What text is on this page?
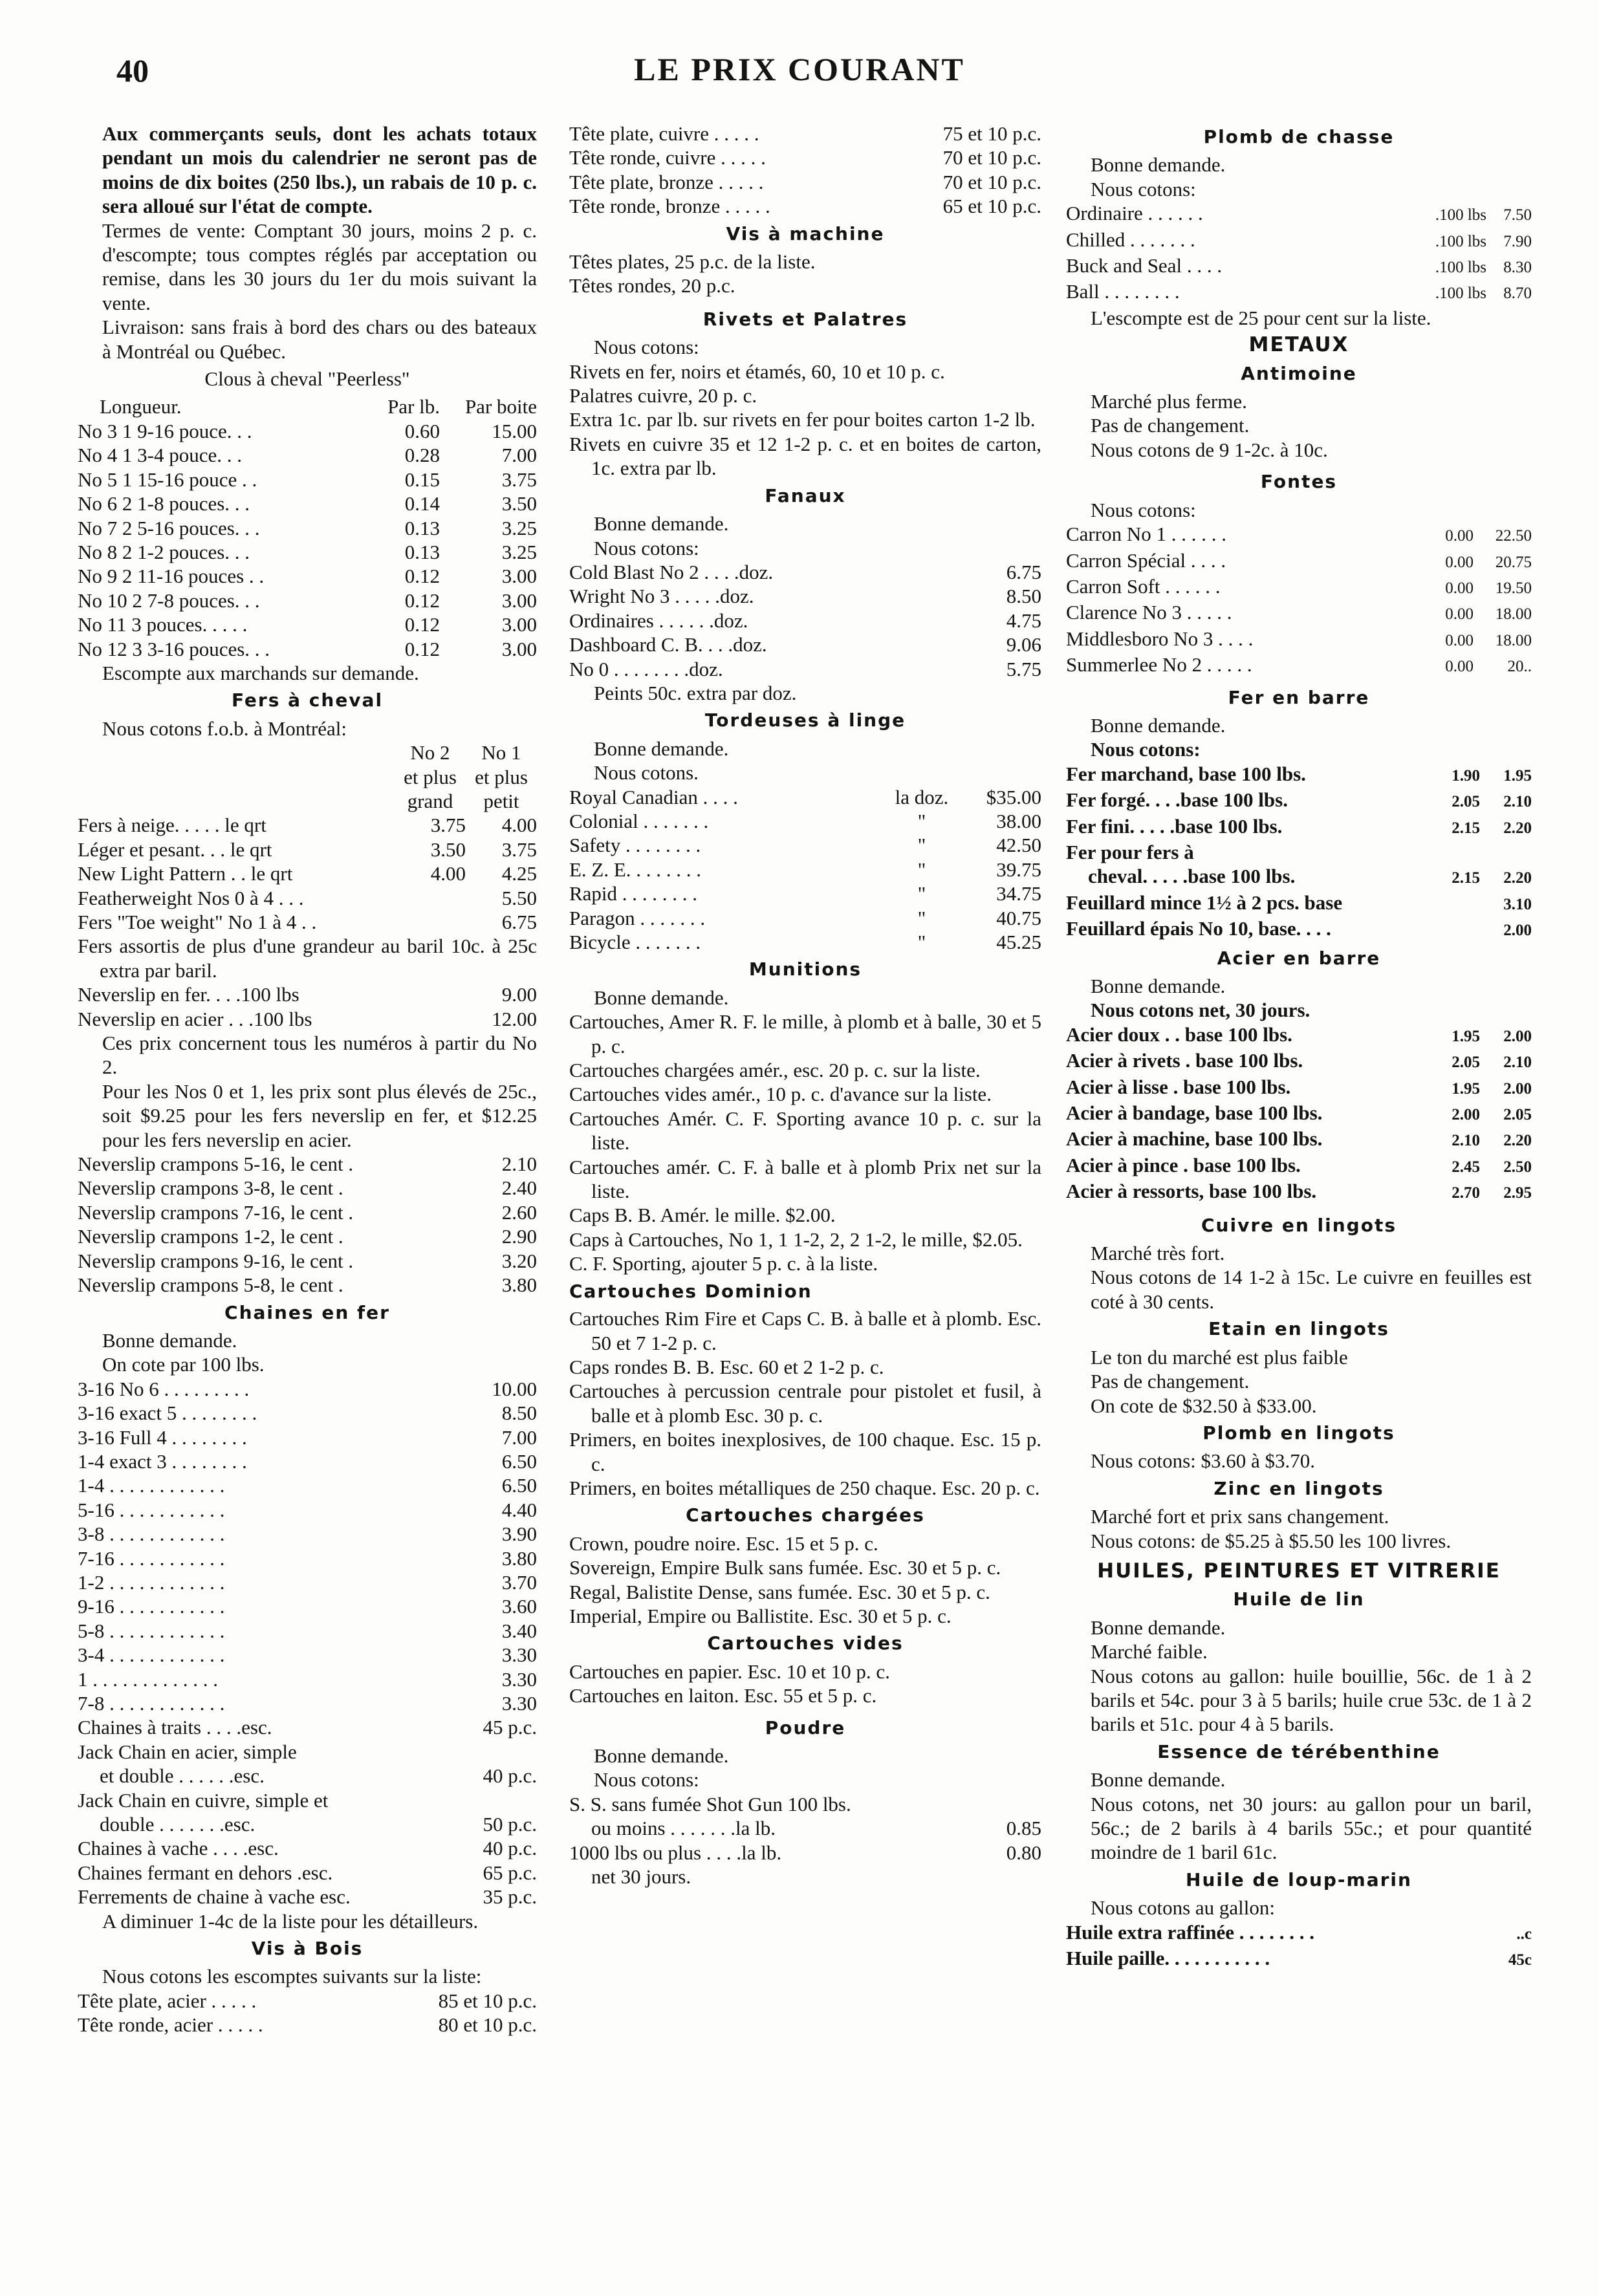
40	LE PRIX COURANT

Aux commerçants seuls, dont les achats totaux pendant un mois du calendrier ne seront pas de moins de dix boites (250 lbs.), un rabais de 10 p. c. sera alloué sur l'état de compte.

Termes de vente: Comptant 30 jours, moins 2 p. c. d'escompte; tous comptes réglés par acceptation ou remise, dans les 30 jours du 1er du mois suivant la vente.

Livraison: sans frais à bord des chars ou des bateaux à Montréal ou Québec.

Clous à cheval "Peerless"
Longueur.	Par lb.	Par boite
No 3 1 9-16 pouce. . .	0.60	15.00
No 4 1 3-4 pouce. . .	0.28	7.00
No 5 1 15-16 pouce . .	0.15	3.75
No 6 2 1-8 pouces. . .	0.14	3.50
No 7 2 5-16 pouces. . .	0.13	3.25
No 8 2 1-2 pouces. . .	0.13	3.25
No 9 2 11-16 pouces . .	0.12	3.00
No 10 2 7-8 pouces. . .	0.12	3.00
No 11 3 pouces. . . . .	0.12	3.00
No 12 3 3-16 pouces. . .	0.12	3.00

Escompte aux marchands sur demande.

Fers à cheval

Nous cotons f.o.b. à Montréal:

No 2	No 1
et plus et plus
grand	petit
Fers à neige. . . . . le qrt	3.75	4.00
Léger et pesant. . . le qrt	3.50	3.75
New Light Pattern . . le qrt	4.00	4.25
Featherweight Nos 0 à 4 . . .	5.50
Fers "Toe weight" No 1 à 4 . .	6.75

Fers assortis de plus d'une grandeur au baril 10c. à 25c extra par baril.

Neverslip en fer. . . .100 lbs	9.00
Neverslip en acier . . .100 lbs	12.00

Ces prix concernent tous les numéros à partir du No 2.

Pour les Nos 0 et 1, les prix sont plus élevés de 25c., soit $9.25 pour les fers neverslip en fer, et $12.25 pour les fers neverslip en acier.

Neverslip crampons 5-16, le cent .	2.10
Neverslip crampons 3-8, le cent .	2.40
Neverslip crampons 7-16, le cent .	2.60
Neverslip crampons 1-2, le cent .	2.90
Neverslip crampons 9-16, le cent .	3.20
Neverslip crampons 5-8, le cent .	3.80
Chaines en fer

Bonne demande.

On cote par 100 lbs.

3-16 No 6 . . . . . . . . .	10.00
3-16 exact 5 . . . . . . . .	8.50
3-16 Full 4 . . . . . . . .	7.00
1-4 exact 3 . . . . . . . .	6.50
1-4 . . . . . . . . . . . .	6.50
5-16 . . . . . . . . . . .	4.40
3-8 . . . . . . . . . . . .	3.90
7-16 . . . . . . . . . . .	3.80
1-2 . . . . . . . . . . . .	3.70
9-16 . . . . . . . . . . .	3.60
5-8 . . . . . . . . . . . .	3.40
3-4 . . . . . . . . . . . .	3.30
1 . . . . . . . . . . . . .	3.30
7-8 . . . . . . . . . . . .	3.30
Chaines à traits . . . .esc.	45 p.c.

Jack Chain en acier, simple

et double . . . . . .esc.	40 p.c.

Jack Chain en cuivre, simple et

double . . . . . . .esc.	50 p.c.
Chaines à vache . . . .esc.	40 p.c.
Chaines fermant en dehors .esc.	65 p.c.
Ferrements de chaine à vache esc.	35 p.c.

A diminuer 1-4c de la liste pour les détailleurs.

Vis à Bois

Nous cotons les escomptes suivants sur la liste:

Tête plate, acier . . . . .	85 et 10 p.c.
Tête ronde, acier . . . . .	80 et 10 p.c.
Tête plate, cuivre . . . . .	75 et 10 p.c.
Tête ronde, cuivre . . . . .	70 et 10 p.c.
Tête plate, bronze . . . . .	70 et 10 p.c.
Tête ronde, bronze . . . . .	65 et 10 p.c.
Vis à machine

Têtes plates, 25 p.c. de la liste.

Têtes rondes, 20 p.c.

Rivets et Palatres

Nous cotons:

Rivets en fer, noirs et étamés, 60, 10 et 10 p. c.

Palatres cuivre, 20 p. c.

Extra 1c. par lb. sur rivets en fer pour boites carton 1-2 lb.

Rivets en cuivre 35 et 12 1-2 p. c. et en boites de carton, 1c. extra par lb.

Fanaux

Bonne demande.

Nous cotons:

Cold Blast No 2 . . . .doz.	6.75
Wright No 3 . . . . .doz.	8.50
Ordinaires . . . . . .doz.	4.75
Dashboard C. B. . . .doz.	9.06
No 0 . . . . . . . .doz.	5.75

Peints 50c. extra par doz.

Tordeuses à linge

Bonne demande.

Nous cotons.

Royal Canadian . . . .	la doz.	$35.00
Colonial . . . . . . .	"	38.00
Safety . . . . . . . .	"	42.50
E. Z. E. . . . . . . .	"	39.75
Rapid . . . . . . . .	"	34.75
Paragon . . . . . . .	"	40.75
Bicycle . . . . . . .	"	45.25
Munitions

Bonne demande.

Cartouches, Amer R. F. le mille, à plomb et à balle, 30 et 5 p. c.

Cartouches chargées amér., esc. 20 p. c. sur la liste.

Cartouches vides amér., 10 p. c. d'avance sur la liste.

Cartouches Amér. C. F. Sporting avance 10 p. c. sur la liste.

Cartouches amér. C. F. à balle et à plomb Prix net sur la liste.

Caps B. B. Amér. le mille. $2.00.

Caps à Cartouches, No 1, 1 1-2, 2, 2 1-2, le mille, $2.05.

C. F. Sporting, ajouter 5 p. c. à la liste.

Cartouches Dominion

Cartouches Rim Fire et Caps C. B. à balle et à plomb. Esc. 50 et 7 1-2 p. c.

Caps rondes B. B. Esc. 60 et 2 1-2 p. c.

Cartouches à percussion centrale pour pistolet et fusil, à balle et à plomb Esc. 30 p. c.

Primers, en boites inexplosives, de 100 chaque. Esc. 15 p. c.

Primers, en boites métalliques de 250 chaque. Esc. 20 p. c.

Cartouches chargées

Crown, poudre noire. Esc. 15 et 5 p. c.

Sovereign, Empire Bulk sans fumée. Esc. 30 et 5 p. c.

Regal, Balistite Dense, sans fumée. Esc. 30 et 5 p. c.

Imperial, Empire ou Ballistite. Esc. 30 et 5 p. c.

Cartouches vides

Cartouches en papier. Esc. 10 et 10 p. c.

Cartouches en laiton. Esc. 55 et 5 p. c.

Poudre

Bonne demande.

Nous cotons:

S. S. sans fumée Shot Gun 100 lbs.

ou moins . . . . . . .la lb.	0.85
1000 lbs ou plus . . . .la lb.	0.80

net 30 jours.

Plomb de chasse

Bonne demande.

Nous cotons:

Ordinaire . . . . . .	.100 lbs	7.50
Chilled . . . . . . .	.100 lbs	7.90
Buck and Seal . . . .	.100 lbs	8.30
Ball . . . . . . . .	.100 lbs	8.70

L'escompte est de 25 pour cent sur la liste.

METAUX
Antimoine

Marché plus ferme.

Pas de changement.

Nous cotons de 9 1-2c. à 10c.

Fontes

Nous cotons:

Carron No 1 . . . . . .	0.00	22.50
Carron Spécial . . . .	0.00	20.75
Carron Soft . . . . . .	0.00	19.50
Clarence No 3 . . . . .	0.00	18.00
Middlesboro No 3 . . . .	0.00	18.00
Summerlee No 2 . . . . .	0.00	20..
Fer en barre

Bonne demande.

Nous cotons:

Fer marchand, base 100 lbs.	1.90	1.95
Fer forgé. . . .base 100 lbs.	2.05	2.10
Fer fini. . . . .base 100 lbs.	2.15	2.20

Fer pour fers à

cheval. . . . .base 100 lbs.	2.15	2.20
Feuillard mince 1½ à 2 pcs. base	3.10
Feuillard épais No 10, base. . . .	2.00
Acier en barre

Bonne demande.

Nous cotons net, 30 jours.

Acier doux . . base 100 lbs.	1.95	2.00
Acier à rivets . base 100 lbs.	2.05	2.10
Acier à lisse . base 100 lbs.	1.95	2.00
Acier à bandage, base 100 lbs.	2.00	2.05
Acier à machine, base 100 lbs.	2.10	2.20
Acier à pince . base 100 lbs.	2.45	2.50
Acier à ressorts, base 100 lbs.	2.70	2.95
Cuivre en lingots

Marché très fort.

Nous cotons de 14 1-2 à 15c. Le cuivre en feuilles est coté à 30 cents.

Etain en lingots

Le ton du marché est plus faible

Pas de changement.

On cote de $32.50 à $33.00.

Plomb en lingots

Nous cotons: $3.60 à $3.70.

Zinc en lingots

Marché fort et prix sans changement.

Nous cotons: de $5.25 à $5.50 les 100 livres.

HUILES, PEINTURES ET VITRERIE
Huile de lin

Bonne demande.

Marché faible.

Nous cotons au gallon: huile bouillie, 56c. de 1 à 2 barils et 54c. pour 3 à 5 barils; huile crue 53c. de 1 à 2 barils et 51c. pour 4 à 5 barils.

Essence de térébenthine

Bonne demande.

Nous cotons, net 30 jours: au gallon pour un baril, 56c.; de 2 barils à 4 barils 55c.; et pour quantité moindre de 1 baril 61c.

Huile de loup-marin

Nous cotons au gallon:

Huile extra raffinée . . . . . . . .	..c
Huile paille. . . . . . . . . . .	45c
